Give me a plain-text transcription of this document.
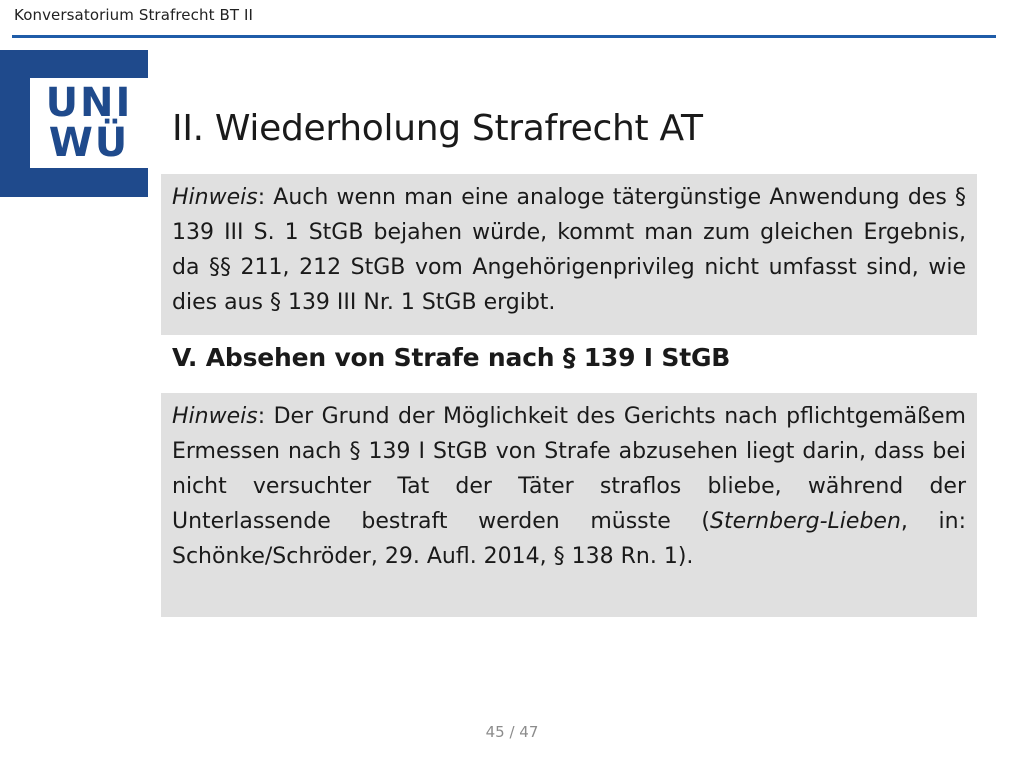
Konversatorium Strafrecht BT II
UNI
WÜ	II. Wiederholung Strafrecht AT
Hinweis: Auch wenn man eine analoge tätergünstige Anwendung des § 139 III S. 1 StGB bejahen würde, kommt man zum gleichen Ergebnis, da §§ 211, 212 StGB vom Angehörigenprivileg nicht umfasst sind, wie dies aus § 139 III Nr. 1 StGB ergibt.
V. Absehen von Strafe nach § 139 I StGB
Hinweis: Der Grund der Möglichkeit des Gerichts nach pflichtgemäßem Ermessen nach § 139 I StGB von Strafe abzusehen liegt darin, dass bei nicht versuchter Tat der Täter straflos bliebe, während der Unterlassende bestraft werden müsste (Sternberg-Lieben, in: Schönke/Schröder, 29. Aufl. 2014, § 138 Rn. 1).
45 / 47
